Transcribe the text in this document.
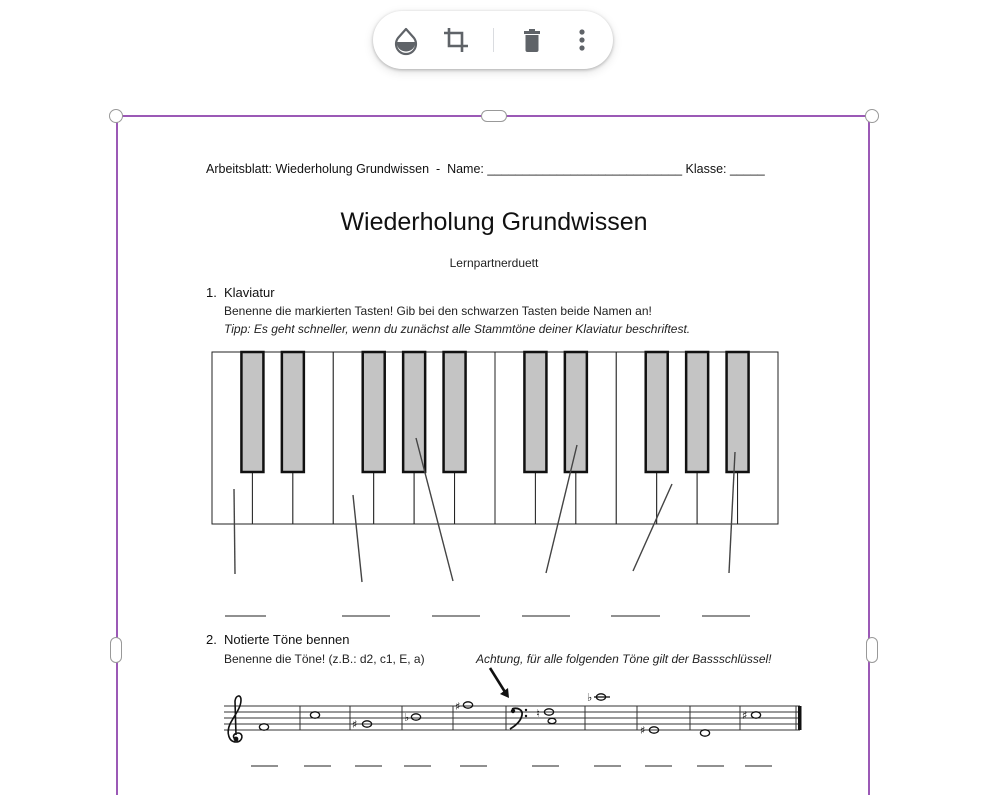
Arbeitsblatt: Wiederholung Grundwissen  -  Name: ____________________________ Klasse: _____
Wiederholung Grundwissen
Lernpartnerduett
1. Klaviatur
Benenne die markierten Tasten! Gib bei den schwarzen Tasten beide Namen an!
Tipp: Es geht schneller, wenn du zunächst alle Stammtöne deiner Klaviatur beschriftest.
2. Notierte Töne bennen
Benenne die Töne! (z.B.: d2, c1, E, a)	Achtung, für alle folgenden Töne gilt der Bassschlüssel!
♯
♭
♯
♮
♭
♯
♯
